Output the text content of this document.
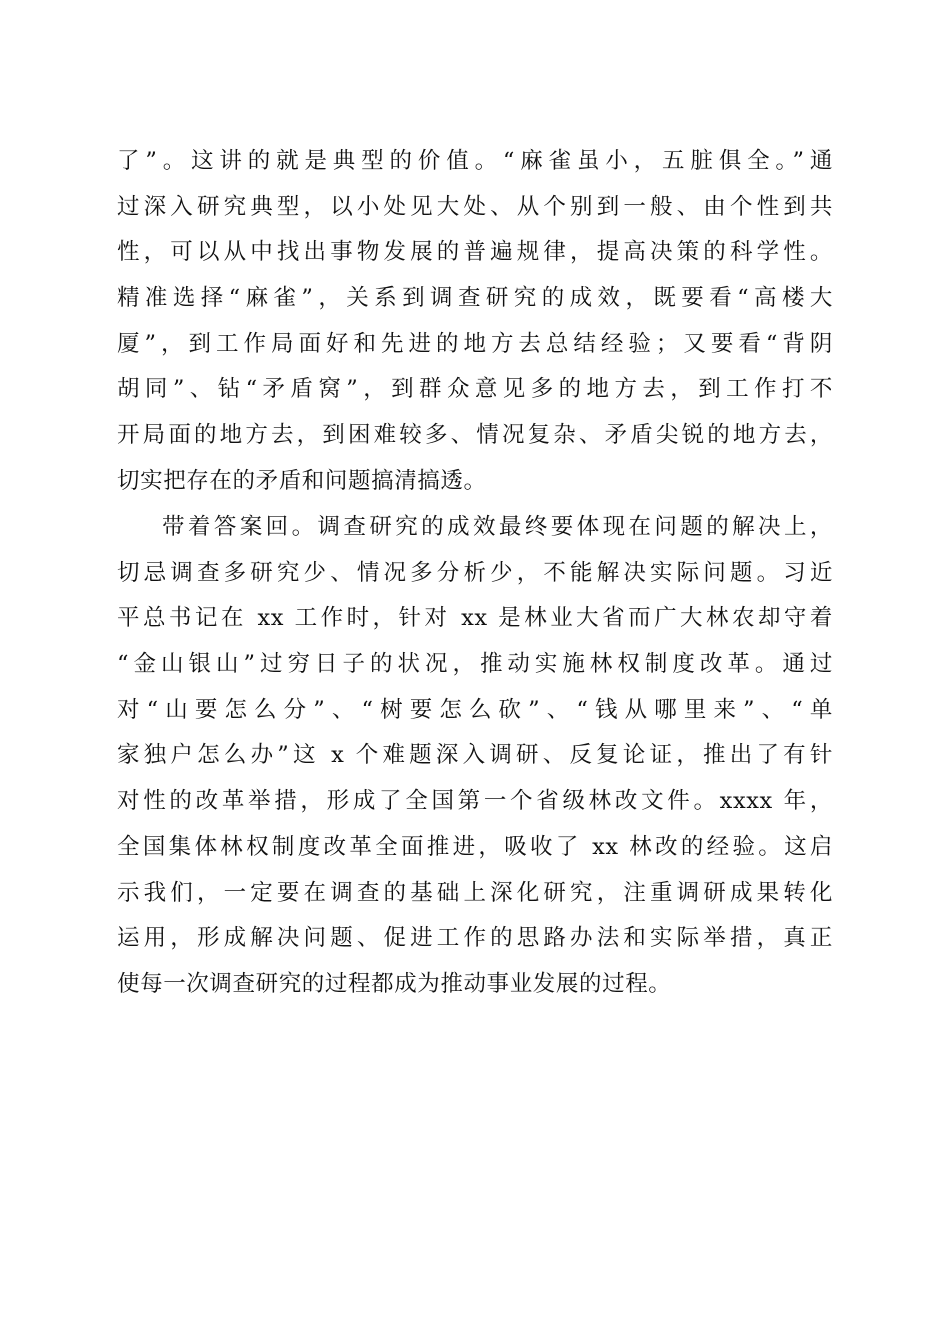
了”。这讲的就是典型的价值。“麻雀虽小，五脏俱全。”通
过深入研究典型，以小处见大处、从个别到一般、由个性到共
性，可以从中找出事物发展的普遍规律，提高决策的科学性。
精准选择“麻雀”，关系到调查研究的成效，既要看“高楼大
厦”，到工作局面好和先进的地方去总结经验；又要看“背阴
胡同”、钻“矛盾窝”，到群众意见多的地方去，到工作打不
开局面的地方去，到困难较多、情况复杂、矛盾尖锐的地方去，
切实把存在的矛盾和问题搞清搞透。
带着答案回。调查研究的成效最终要体现在问题的解决上，
切忌调查多研究少、情况多分析少，不能解决实际问题。习近
平总书记在 xx 工作时，针对 xx 是林业大省而广大林农却守着
“金山银山”过穷日子的状况，推动实施林权制度改革。通过
对“山要怎么分”、“树要怎么砍”、“钱从哪里来”、“单
家独户怎么办”这 x 个难题深入调研、反复论证，推出了有针
对性的改革举措，形成了全国第一个省级林改文件。xxxx 年，
全国集体林权制度改革全面推进，吸收了 xx 林改的经验。这启
示我们，一定要在调查的基础上深化研究，注重调研成果转化
运用，形成解决问题、促进工作的思路办法和实际举措，真正
使每一次调查研究的过程都成为推动事业发展的过程。
